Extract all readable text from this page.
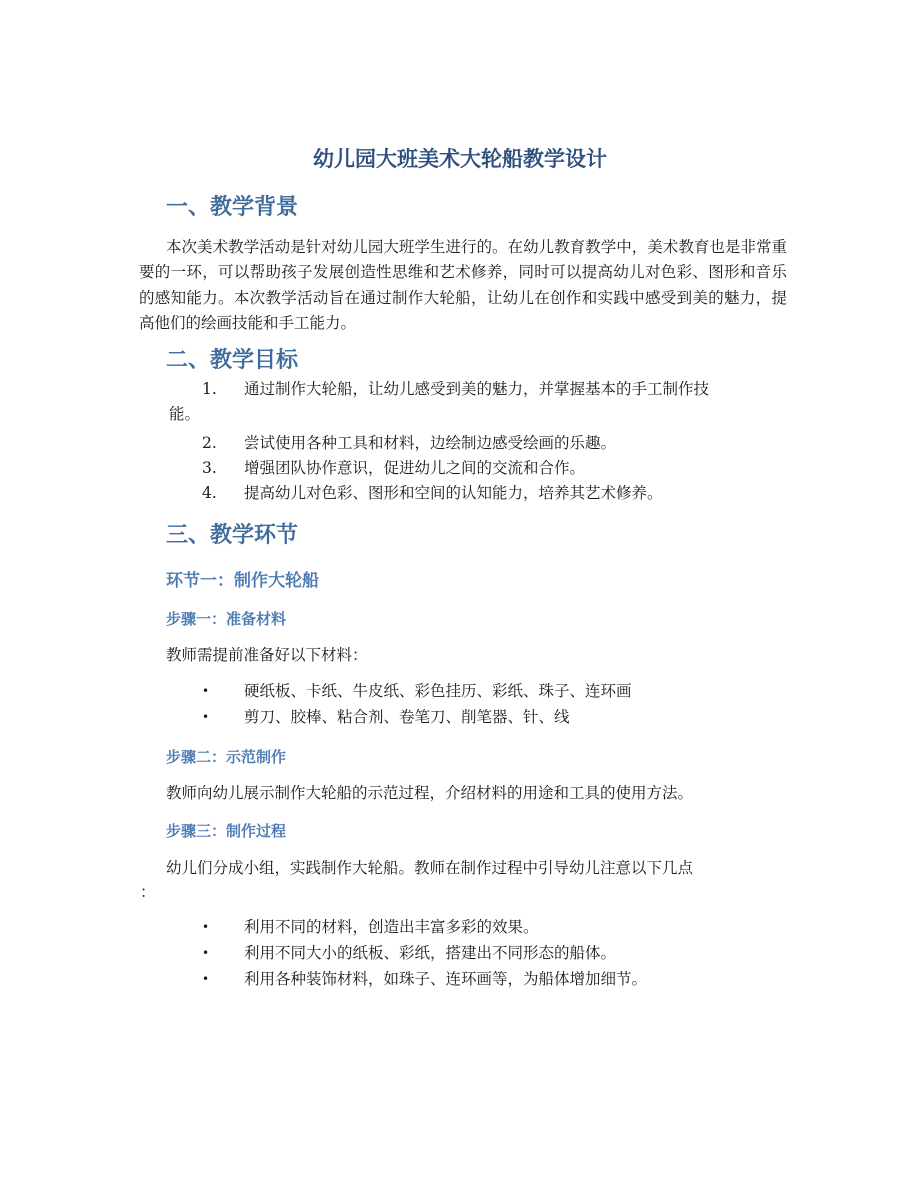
幼儿园大班美术大轮船教学设计
一、教学背景

本次美术教学活动是针对幼儿园大班学生进行的。在幼儿教育教学中，美术教育也是非常重要的一环，可以帮助孩子发展创造性思维和艺术修养，同时可以提高幼儿对色彩、图形和音乐的感知能力。本次教学活动旨在通过制作大轮船，让幼儿在创作和实践中感受到美的魅力，提高他们的绘画技能和手工能力。

二、教学目标
1.	通过制作大轮船，让幼儿感受到美的魅力，并掌握基本的手工制作技
能。
2.	尝试使用各种工具和材料，边绘制边感受绘画的乐趣。
3.	增强团队协作意识，促进幼儿之间的交流和合作。
4.	提高幼儿对色彩、图形和空间的认知能力，培养其艺术修养。
三、教学环节
环节一：制作大轮船
步骤一：准备材料

教师需提前准备好以下材料：

•	硬纸板、卡纸、牛皮纸、彩色挂历、彩纸、珠子、连环画
•	剪刀、胶棒、粘合剂、卷笔刀、削笔器、针、线
步骤二：示范制作

教师向幼儿展示制作大轮船的示范过程，介绍材料的用途和工具的使用方法。

步骤三：制作过程

幼儿们分成小组，实践制作大轮船。教师在制作过程中引导幼儿注意以下几点

：

•	利用不同的材料，创造出丰富多彩的效果。
•	利用不同大小的纸板、彩纸，搭建出不同形态的船体。
•	利用各种装饰材料，如珠子、连环画等，为船体增加细节。
